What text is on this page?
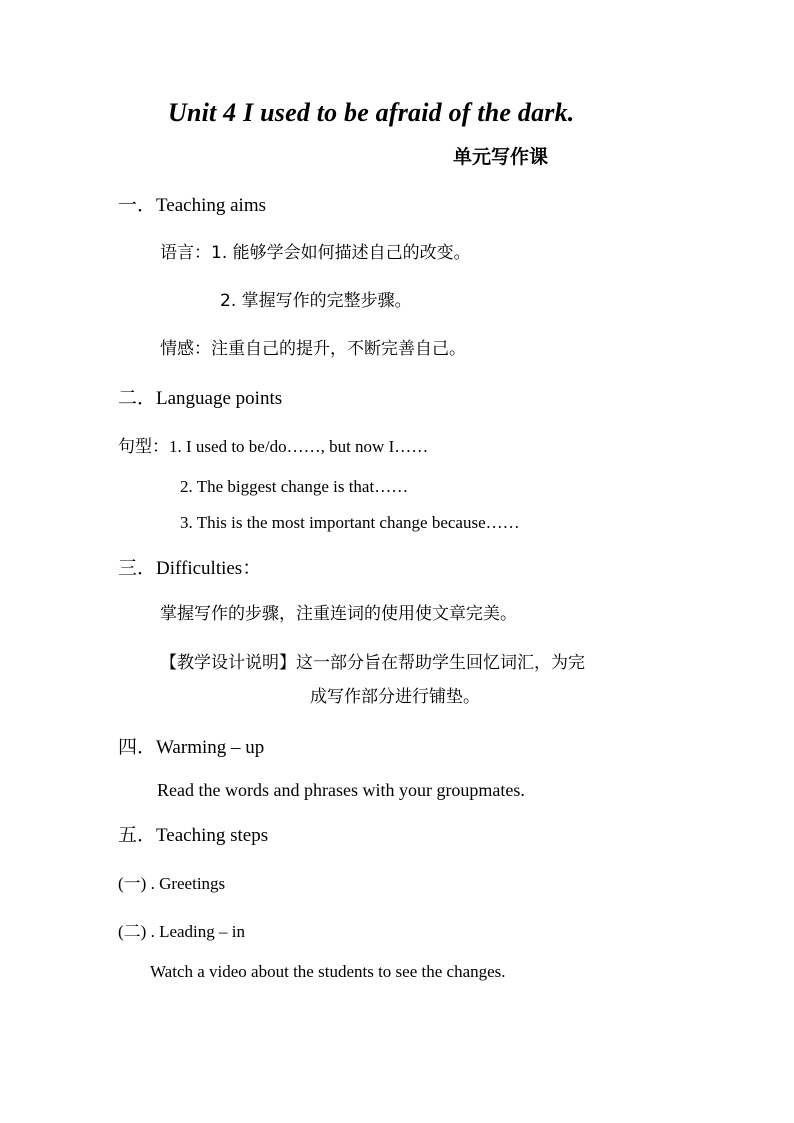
Unit 4 I used to be afraid of the dark.
单元写作课
一．Teaching aims
语言：1. 能够学会如何描述自己的改变。
2. 掌握写作的完整步骤。
情感：注重自己的提升，不断完善自己。
二．Language points
句型：1. I used to be/do……, but now I……
2. The biggest change is that……
3. This is the most important change because……
三．Difficulties：
掌握写作的步骤，注重连词的使用使文章完美。
【教学设计说明】这一部分旨在帮助学生回忆词汇，为完
成写作部分进行铺垫。
四．Warming – up
Read the words and phrases with your groupmates.
五．Teaching steps
(一) . Greetings
(二) . Leading – in
Watch a video about the students to see the changes.
